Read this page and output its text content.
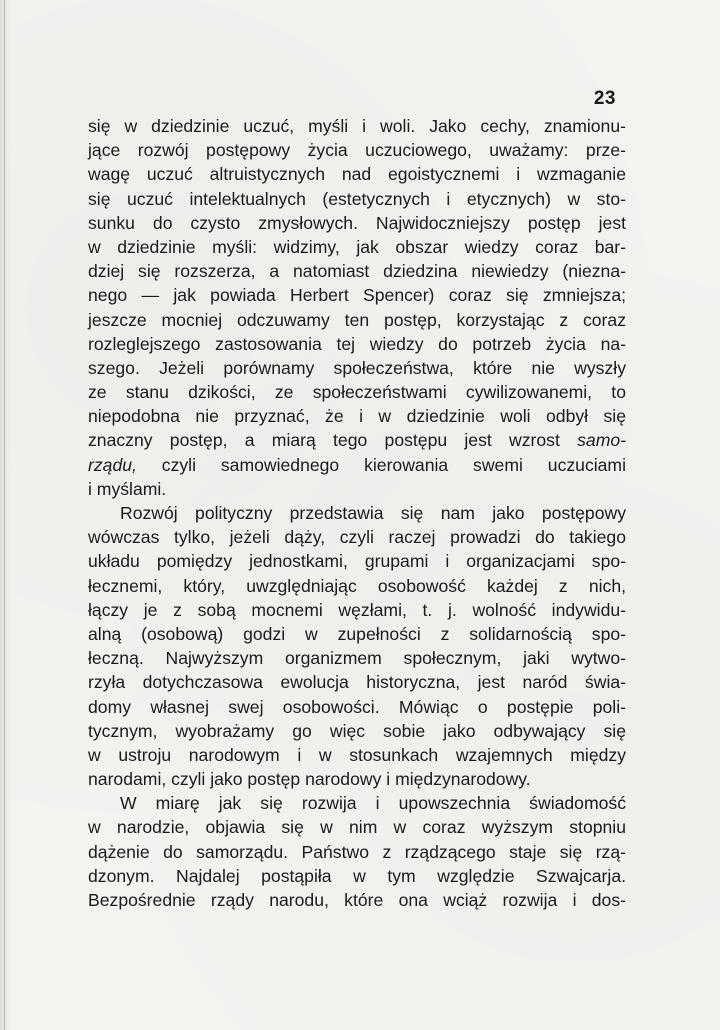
23
się w dziedzinie uczuć, myśli i woli. Jako cechy, znamionu-
jące rozwój postępowy życia uczuciowego, uważamy: prze-
wagę uczuć altruistycznych nad egoistycznemi i wzmaganie
się uczuć intelektualnych (estetycznych i etycznych) w sto-
sunku do czysto zmysłowych. Najwidoczniejszy postęp jest
w dziedzinie myśli: widzimy, jak obszar wiedzy coraz bar-
dziej się rozszerza, a natomiast dziedzina niewiedzy (niezna-
nego — jak powiada Herbert Spencer) coraz się zmniejsza;
jeszcze mocniej odczuwamy ten postęp, korzystając z coraz
rozleglejszego zastosowania tej wiedzy do potrzeb życia na-
szego. Jeżeli porównamy społeczeństwa, które nie wyszły
ze stanu dzikości, ze społeczeństwami cywilizowanemi, to
niepodobna nie przyznać, że i w dziedzinie woli odbył się
znaczny postęp, a miarą tego postępu jest wzrost samo-
rządu, czyli samowiednego kierowania swemi uczuciami
i myślami.
Rozwój polityczny przedstawia się nam jako postępowy
wówczas tylko, jeżeli dąży, czyli raczej prowadzi do takiego
układu pomiędzy jednostkami, grupami i organizacjami spo-
łecznemi, który, uwzględniając osobowość każdej z nich,
łączy je z sobą mocnemi węzłami, t. j. wolność indywidu-
alną (osobową) godzi w zupełności z solidarnością spo-
łeczną. Najwyższym organizmem społecznym, jaki wytwo-
rzyła dotychczasowa ewolucja historyczna, jest naród świa-
domy własnej swej osobowości. Mówiąc o postępie poli-
tycznym, wyobrażamy go więc sobie jako odbywający się
w ustroju narodowym i w stosunkach wzajemnych między
narodami, czyli jako postęp narodowy i międzynarodowy.
W miarę jak się rozwija i upowszechnia świadomość
w narodzie, objawia się w nim w coraz wyższym stopniu
dążenie do samorządu. Państwo z rządzącego staje się rzą-
dzonym. Najdalej postąpiła w tym względzie Szwajcarja.
Bezpośrednie rządy narodu, które ona wciąż rozwija i dos-
